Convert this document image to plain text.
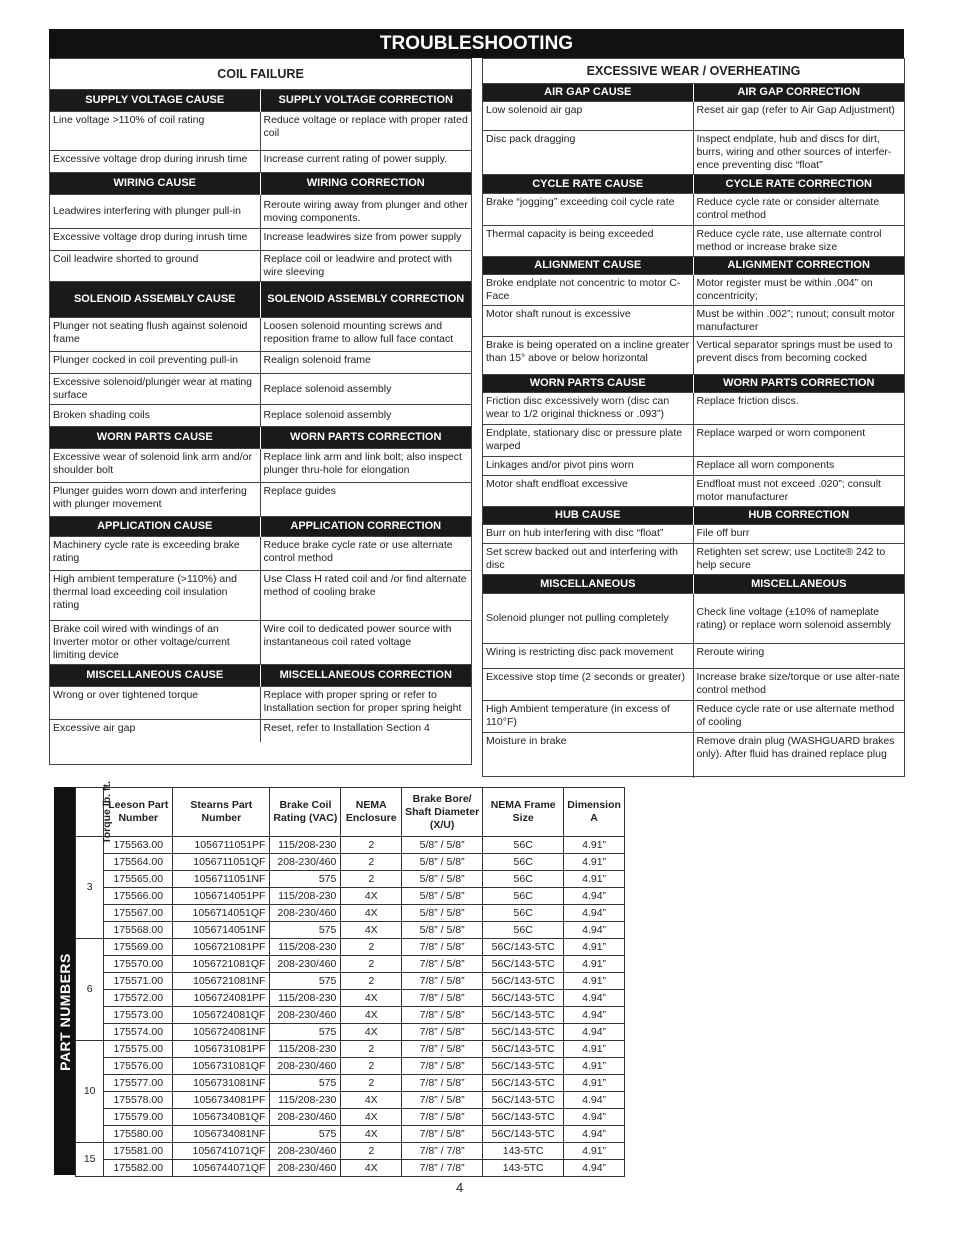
TROUBLESHOOTING
COIL FAILURE
SUPPLY VOLTAGE CAUSE	SUPPLY VOLTAGE CORRECTION
Line voltage >110% of coil rating	Reduce voltage or replace with proper rated coil
Excessive voltage drop during inrush time	Increase current rating of power supply.
WIRING CAUSE	WIRING CORRECTION
Leadwires interfering with plunger pull-in	Reroute wiring away from plunger and other moving components.
Excessive voltage drop during inrush time	Increase leadwires size from power supply
Coil leadwire shorted to ground	Replace coil or leadwire and protect with wire sleeving
SOLENOID ASSEMBLY CAUSE	SOLENOID ASSEMBLY CORRECTION
Plunger not seating flush against solenoid frame	Loosen solenoid mounting screws and reposition frame to allow full face contact
Plunger cocked in coil preventing pull-in	Realign solenoid frame
Excessive solenoid/plunger wear at mating surface	Replace solenoid assembly
Broken shading coils	Replace solenoid assembly
WORN PARTS CAUSE	WORN PARTS CORRECTION
Excessive wear of solenoid link arm and/or shoulder bolt	Replace link arm and link bolt; also inspect plunger thru-hole for elongation
Plunger guides worn down and interfering with plunger movement	Replace guides
APPLICATION CAUSE	APPLICATION CORRECTION
Machinery cycle rate is exceeding brake rating	Reduce brake cycle rate or use alternate control method
High ambient temperature (>110%) and thermal load exceeding coil insulation rating	Use Class H rated coil and /or find alternate method of cooling brake
Brake coil wired with windings of an Inverter motor or other voltage/current limiting device	Wire coil to dedicated power source with instantaneous coil rated voltage
MISCELLANEOUS CAUSE	MISCELLANEOUS CORRECTION
Wrong or over tightened torque	Replace with proper spring or refer to Installation section for proper spring height
Excessive air gap	Reset, refer to Installation Section 4
EXCESSIVE WEAR / OVERHEATING
AIR GAP CAUSE	AIR GAP CORRECTION
Low solenoid air gap	Reset air gap (refer to Air Gap Adjustment)
Disc pack dragging	Inspect endplate, hub and discs for dirt, burrs, wiring and other sources of interfer-ence preventing disc “float”
CYCLE RATE CAUSE	CYCLE RATE CORRECTION
Brake “jogging” exceeding coil cycle rate	Reduce cycle rate or consider alternate control method
Thermal capacity is being exceeded	Reduce cycle rate, use alternate control method or increase brake size
ALIGNMENT CAUSE	ALIGNMENT CORRECTION
Broke endplate not concentric to motor C-Face	Motor register must be within .004” on concentricity;
Motor shaft runout is excessive	Must be within .002”; runout; consult motor manufacturer
Brake is being operated on a incline greater than 15° above or below horizontal	Vertical separator springs must be used to prevent discs from becoming cocked
WORN PARTS CAUSE	WORN PARTS CORRECTION
Friction disc excessively worn (disc can wear to 1/2 original thickness or .093”)	Replace friction discs.
Endplate, stationary disc or pressure plate warped	Replace warped or worn component
Linkages and/or pivot pins worn	Replace all worn components
Motor shaft endfloat excessive	Endfloat must not exceed .020”; consult motor manufacturer
HUB CAUSE	HUB CORRECTION
Burr on hub interfering with disc “float”	File off burr
Set screw backed out and interfering with disc	Retighten set screw; use Loctite® 242 to help secure
MISCELLANEOUS	MISCELLANEOUS
Solenoid plunger not pulling completely	Check line voltage (±10% of nameplate rating) or replace worn solenoid assembly
Wiring is restricting disc pack movement	Reroute wiring
Excessive stop time (2 seconds or greater)	Increase brake size/torque or use alter-nate control method
High Ambient temperature (in excess of 110°F)	Reduce cycle rate or use alternate method of cooling
Moisture in brake	Remove drain plug (WASHGUARD brakes only). After fluid has drained replace plug
PART NUMBERS
Torque lb. ft.	Leeson Part Number	Stearns Part Number	Brake Coil Rating (VAC)	NEMA Enclosure	Brake Bore/ Shaft Diameter (X/U)	NEMA Frame Size	Dimension A
3	175563.00	1056711051PF	115/208-230	2	5/8” / 5/8”	56C	4.91”
	175564.00	1056711051QF	208-230/460	2	5/8” / 5/8”	56C	4.91”
	175565.00	1056711051NF	575	2	5/8” / 5/8”	56C	4.91”
	175566.00	1056714051PF	115/208-230	4X	5/8” / 5/8”	56C	4.94”
	175567.00	1056714051QF	208-230/460	4X	5/8” / 5/8”	56C	4.94”
	175568.00	1056714051NF	575	4X	5/8” / 5/8”	56C	4.94”
6	175569.00	1056721081PF	115/208-230	2	7/8” / 5/8”	56C/143-5TC	4.91”
	175570.00	1056721081QF	208-230/460	2	7/8” / 5/8”	56C/143-5TC	4.91”
	175571.00	1056721081NF	575	2	7/8” / 5/8”	56C/143-5TC	4.91”
	175572.00	1056724081PF	115/208-230	4X	7/8” / 5/8”	56C/143-5TC	4.94”
	175573.00	1056724081QF	208-230/460	4X	7/8” / 5/8”	56C/143-5TC	4.94”
	175574.00	1056724081NF	575	4X	7/8” / 5/8”	56C/143-5TC	4.94”
10	175575.00	1056731081PF	115/208-230	2	7/8” / 5/8”	56C/143-5TC	4.91”
	175576.00	1056731081QF	208-230/460	2	7/8” / 5/8”	56C/143-5TC	4.91”
	175577.00	1056731081NF	575	2	7/8” / 5/8”	56C/143-5TC	4.91”
	175578.00	1056734081PF	115/208-230	4X	7/8” / 5/8”	56C/143-5TC	4.94”
	175579.00	1056734081QF	208-230/460	4X	7/8” / 5/8”	56C/143-5TC	4.94”
	175580.00	1056734081NF	575	4X	7/8” / 5/8”	56C/143-5TC	4.94”
15	175581.00	1056741071QF	208-230/460	2	7/8” / 7/8”	143-5TC	4.91”
	175582.00	1056744071QF	208-230/460	4X	7/8” / 7/8”	143-5TC	4.94”
4
